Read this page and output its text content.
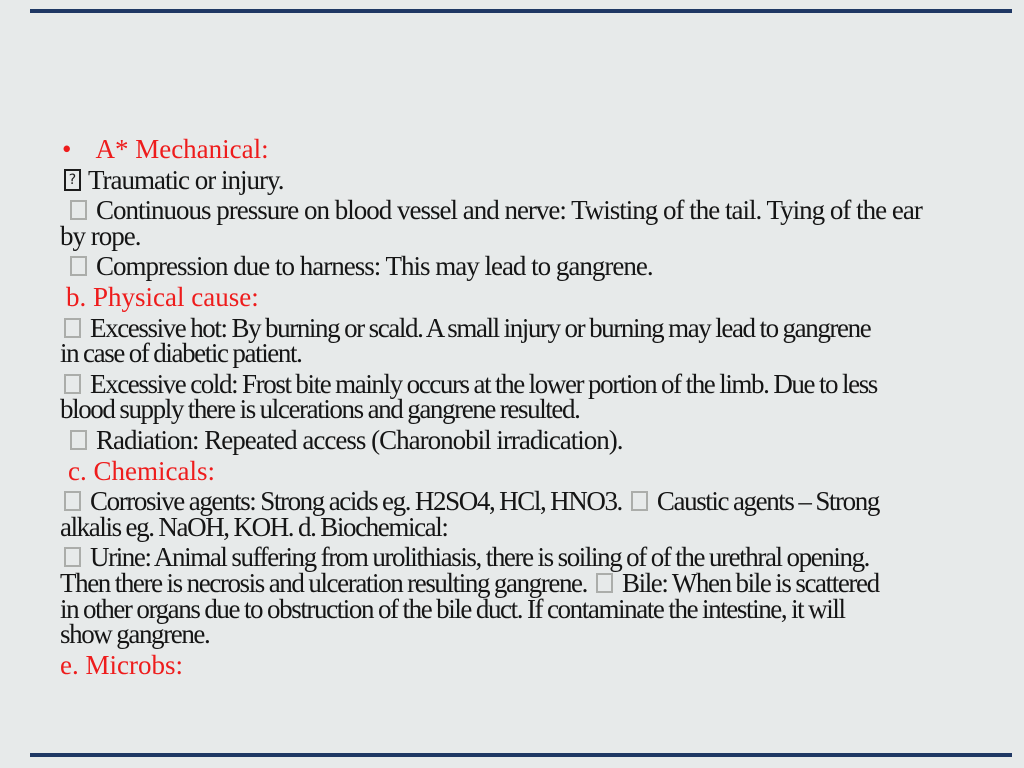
• A* Mechanical:
? Traumatic or injury.
Continuous pressure on blood vessel and nerve: Twisting of the tail. Tying of the ear
by rope.
Compression due to harness: This may lead to gangrene.
b. Physical cause:
Excessive hot: By burning or scald. A small injury or burning may lead to gangrene
in case of diabetic patient.
Excessive cold: Frost bite mainly occurs at the lower portion of the limb. Due to less
blood supply there is ulcerations and gangrene resulted.
Radiation: Repeated access (Charonobil irradication).
c. Chemicals:
Corrosive agents: Strong acids eg. H2SO4, HCl, HNO3. Caustic agents – Strong
alkalis eg. NaOH, KOH. d. Biochemical:
Urine: Animal suffering from urolithiasis, there is soiling of of the urethral opening.
Then there is necrosis and ulceration resulting gangrene. Bile: When bile is scattered
in other organs due to obstruction of the bile duct. If contaminate the intestine, it will
show gangrene.
e. Microbs:
